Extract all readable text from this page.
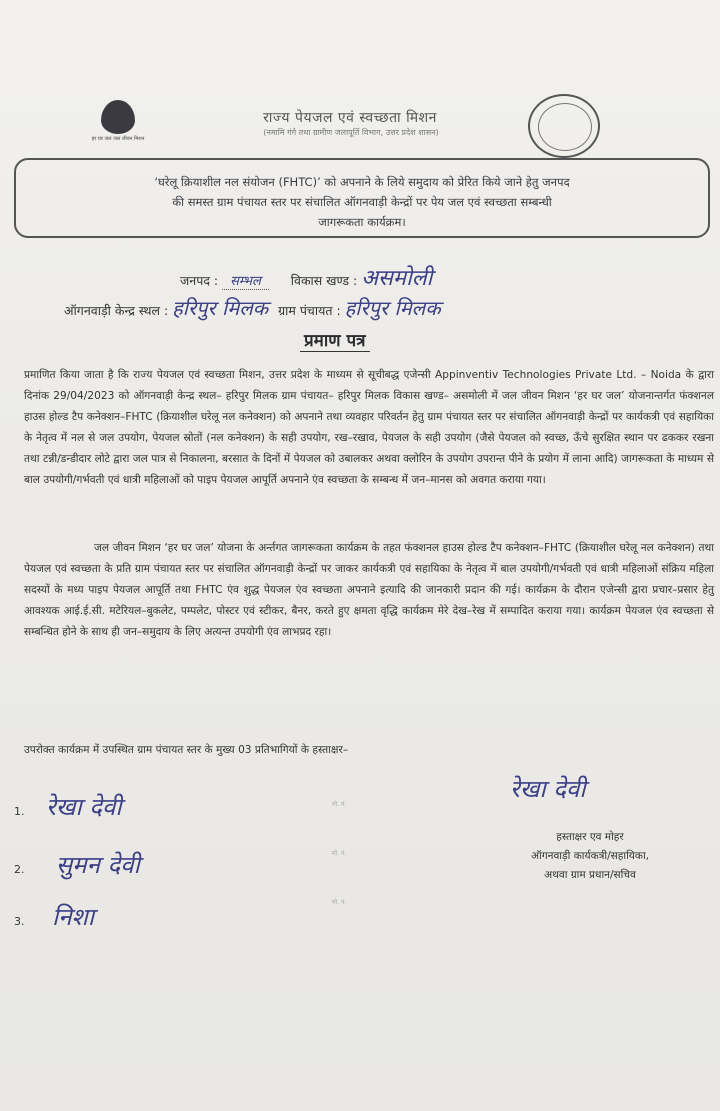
हर घर जल जल जीवन मिशन
राज्य पेयजल एवं स्वच्छता मिशन
(नमामि गंगे तथा ग्रामीण जलापूर्ति विभाग, उत्तर प्रदेश शासन)
‘घरेलू क्रियाशील नल संयोजन (FHTC)’ को अपनाने के लिये समुदाय को प्रेरित किये जाने हेतु जनपद
की समस्त ग्राम पंचायत स्तर पर संचालित ऑगनवाड़ी केन्द्रों पर पेय जल एवं स्वच्छता सम्बन्धी
जागरूकता कार्यक्रम।
जनपद : सम्भल विकास खण्ड : असमोली
ऑगनवाड़ी केन्द्र स्थल : हरिपुर मिलक ग्राम पंचायत : हरिपुर मिलक
प्रमाण पत्र
प्रमाणित किया जाता है कि राज्य पेयजल एवं स्वच्छता मिशन, उत्तर प्रदेश के माध्यम से सूचीबद्ध एजेन्सी Appinventiv Technologies Private Ltd. – Noida के द्वारा दिनांक 29/04/2023 को ऑगनवाड़ी केन्द्र स्थल– हरिपुर मिलक ग्राम पंचायत– हरिपुर मिलक विकास खण्ड– असमोली में जल जीवन मिशन ‘हर घर जल’ योजनान्तर्गत फंक्शनल हाउस होल्ड टैप कनेक्शन–FHTC (क्रियाशील घरेलू नल कनेक्शन) को अपनाने तथा व्यवहार परिवर्तन हेतु ग्राम पंचायत स्तर पर संचालित ऑगनवाड़ी केन्द्रों पर कार्यकत्री एवं सहायिका के नेतृत्व में नल से जल उपयोग, पेयजल स्रोतों (नल कनेक्शन) के सही उपयोग, रख–रखाव, पेयजल के सही उपयोग (जैसे पेयजल को स्वच्छ, ऊँचे सुरक्षित स्थान पर ढककर रखना तथा टन्नी/डन्डीदार लोटे द्वारा जल पात्र से निकालना, बरसात के दिनों में पेयजल को उबालकर अथवा क्लोरिन के उपयोग उपरान्त पीने के प्रयोग में लाना आदि) जागरूकता के माध्यम से बाल उपयोगी/गर्भवती एवं धात्री महिलाओं को पाइप पेयजल आपूर्ति अपनाने एंव स्वच्छता के सम्बन्ध में जन–मानस को अवगत कराया गया।
जल जीवन मिशन ‘हर घर जल’ योजना के अर्न्तगत जागरूकता कार्यक्रम के तहत फंक्शनल हाउस होल्ड टैप कनेक्शन–FHTC (क्रियाशील घरेलू नल कनेक्शन) तथा पेयजल एवं स्वच्छता के प्रति ग्राम पंचायत स्तर पर संचालित ऑगनवाड़ी केन्द्रों पर जाकर कार्यकत्री एवं सहायिका के नेतृत्व में बाल उपयोगी/गर्भवती एवं धात्री महिलाओं संक्रिय महिला सदस्यों के मध्य पाइप पेयजल आपूर्ति तथा FHTC एंव शुद्ध पेयजल एंव स्वच्छता अपनाने इत्यादि की जानकारी प्रदान की गई। कार्यक्रम के दौरान एजेन्सी द्वारा प्रचार–प्रसार हेतु आवश्यक आई.ई.सी. मटेरियल–बुकलेट, पम्पलेट, पोस्टर एवं स्टीकर, बैनर, करते हुए क्षमता वृद्धि कार्यक्रम मेरे देख–रेख में सम्पादित कराया गया। कार्यक्रम पेयजल एंव स्वच्छता से सम्बन्धित होने के साथ ही जन–समुदाय के लिए अत्यन्त उपयोगी एंव लाभप्रद रहा।
उपरोक्त कार्यक्रम में उपस्थित ग्राम पंचायत स्तर के मुख्य 03 प्रतिभागियों के हस्ताक्षर–
1. रेखा देवी	मो. नं.
2. सुमन देवी	मो. नं.
3. निशा
मो. नं.
रेखा देवी
हस्ताक्षर एव मोहर
ऑगनवाड़ी कार्यकत्री/सहायिका,
अथवा ग्राम प्रधान/सचिव
